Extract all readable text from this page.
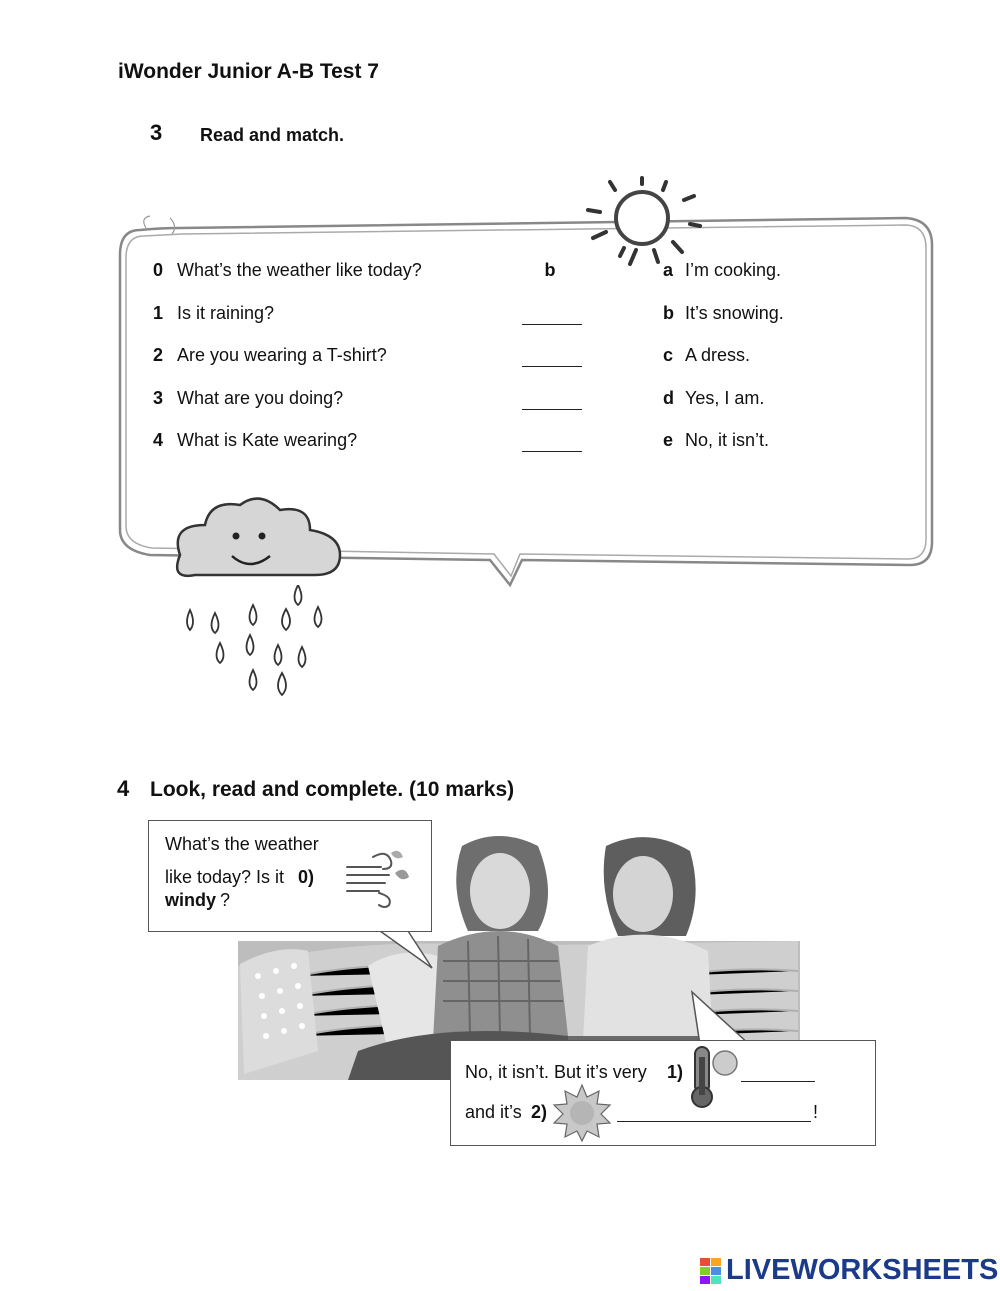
iWonder Junior A-B Test 7
3 Read and match.
0 What’s the weather like today?
1 Is it raining?
2 Are you wearing a T-shirt?
3 What are you doing?
4 What is Kate wearing?
b	a I’m cooking.
b It’s snowing.
c A dress.
d Yes, I am.
e No, it isn’t.
4 Look, read and complete. (10 marks)
What’s the weather
like today? Is it 0)
windy ?
No, it isn’t. But it’s very 1)
and it’s 2)	!
LIVEWORKSHEETS
